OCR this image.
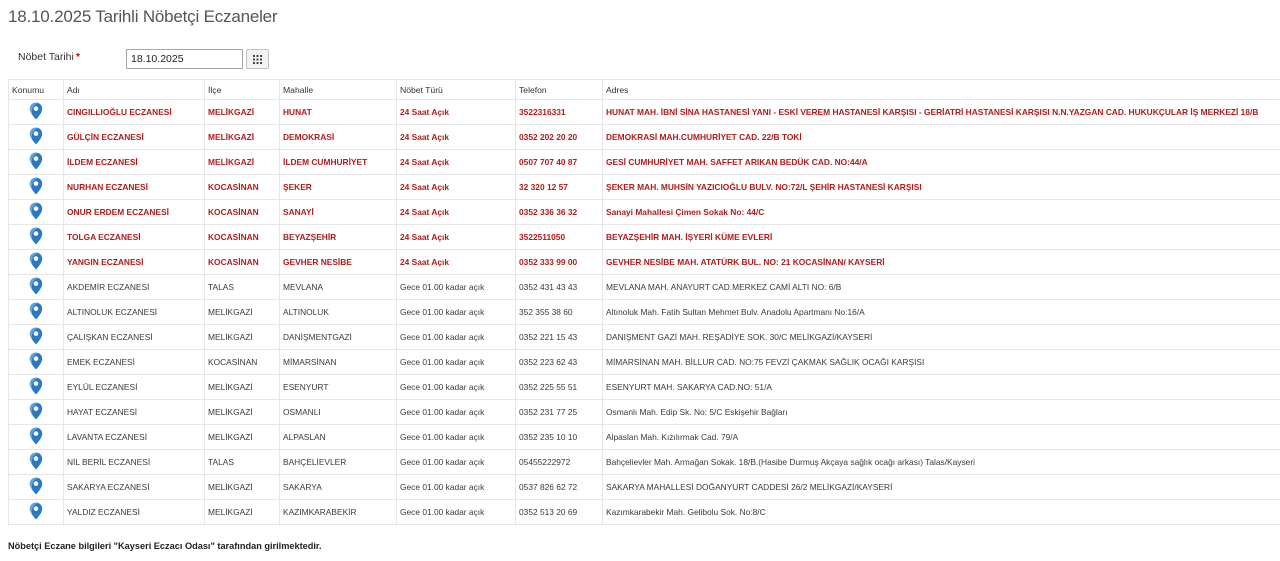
18.10.2025 Tarihli Nöbetçi Eczaneler
Nöbet Tarihi *
18.10.2025
Konumu	Adı	İlçe	Mahalle	Nöbet Türü	Telefon	Adres
	CINGILLIOĞLU ECZANESİ	MELİKGAZİ	HUNAT	24 Saat Açık	3522316331	HUNAT MAH. İBNİ SİNA HASTANESİ YANI - ESKİ VEREM HASTANESİ KARŞISI - GERİATRİ HASTANESİ KARŞISI N.N.YAZGAN CAD. HUKUKÇULAR İŞ MERKEZİ 18/B
	GÜLÇİN ECZANESİ	MELİKGAZİ	DEMOKRASİ	24 Saat Açık	0352 202 20 20	DEMOKRASİ MAH.CUMHURİYET CAD. 22/B TOKİ
	İLDEM ECZANESİ	MELİKGAZİ	İLDEM CUMHURİYET	24 Saat Açık	0507 707 40 87	GESİ CUMHURİYET MAH. SAFFET ARIKAN BEDÜK CAD. NO:44/A
	NURHAN ECZANESİ	KOCASİNAN	ŞEKER	24 Saat Açık	32 320 12 57	ŞEKER MAH. MUHSİN YAZICIOĞLU BULV. NO:72/L ŞEHİR HASTANESİ KARŞISI
	ONUR ERDEM ECZANESİ	KOCASİNAN	SANAYİ	24 Saat Açık	0352 336 36 32	Sanayi Mahallesi Çimen Sokak No: 44/C
	TOLGA ECZANESİ	KOCASİNAN	BEYAZŞEHİR	24 Saat Açık	3522511050	BEYAZŞEHİR MAH. İŞYERİ KÜME EVLERİ
	YANGIN ECZANESİ	KOCASİNAN	GEVHER NESİBE	24 Saat Açık	0352 333 99 00	GEVHER NESİBE MAH. ATATÜRK BUL. NO: 21 KOCASİNAN/ KAYSERİ
	AKDEMİR ECZANESİ	TALAS	MEVLANA	Gece 01.00 kadar açık	0352 431 43 43	MEVLANA MAH. ANAYURT CAD.MERKEZ CAMİ ALTI NO: 6/B
	ALTINOLUK ECZANESİ	MELİKGAZİ	ALTINOLUK	Gece 01.00 kadar açık	352 355 38 60	Altınoluk Mah. Fatih Sultan Mehmet Bulv. Anadolu Apartmanı No:16/A
	ÇALIŞKAN ECZANESİ	MELİKGAZİ	DANİŞMENTGAZİ	Gece 01.00 kadar açık	0352 221 15 43	DANIŞMENT GAZİ MAH. REŞADİYE SOK. 30/C MELİKGAZİ/KAYSERİ
	EMEK ECZANESİ	KOCASİNAN	MİMARSİNAN	Gece 01.00 kadar açık	0352 223 62 43	MİMARSİNAN MAH. BİLLUR CAD. NO:75 FEVZİ ÇAKMAK SAĞLIK OCAĞI KARŞISI
	EYLÜL ECZANESİ	MELİKGAZİ	ESENYURT	Gece 01.00 kadar açık	0352 225 55 51	ESENYURT MAH. SAKARYA CAD.NO: 51/A
	HAYAT ECZANESİ	MELİKGAZİ	OSMANLI	Gece 01.00 kadar açık	0352 231 77 25	Osmanlı Mah. Edip Sk. No: 5/C Eskişehir Bağları
	LAVANTA ECZANESİ	MELİKGAZİ	ALPASLAN	Gece 01.00 kadar açık	0352 235 10 10	Alpaslan Mah. Kızılırmak Cad. 79/A
	NİL BERİL ECZANESİ	TALAS	BAHÇELİEVLER	Gece 01.00 kadar açık	05455222972	Bahçelievler Mah. Armağan Sokak. 18/B.(Hasibe Durmuş Akçaya sağlık ocağı arkası) Talas/Kayseri
	SAKARYA ECZANESİ	MELİKGAZİ	SAKARYA	Gece 01.00 kadar açık	0537 826 62 72	SAKARYA MAHALLESİ DOĞANYURT CADDESİ 26/2 MELİKGAZİ/KAYSERİ
	YALDIZ ECZANESİ	MELİKGAZİ	KAZIMKARABEKİR	Gece 01.00 kadar açık	0352 513 20 69	Kazımkarabekir Mah. Gelibolu Sok. No:8/C
Nöbetçi Eczane bilgileri "Kayseri Eczacı Odası" tarafından girilmektedir.
